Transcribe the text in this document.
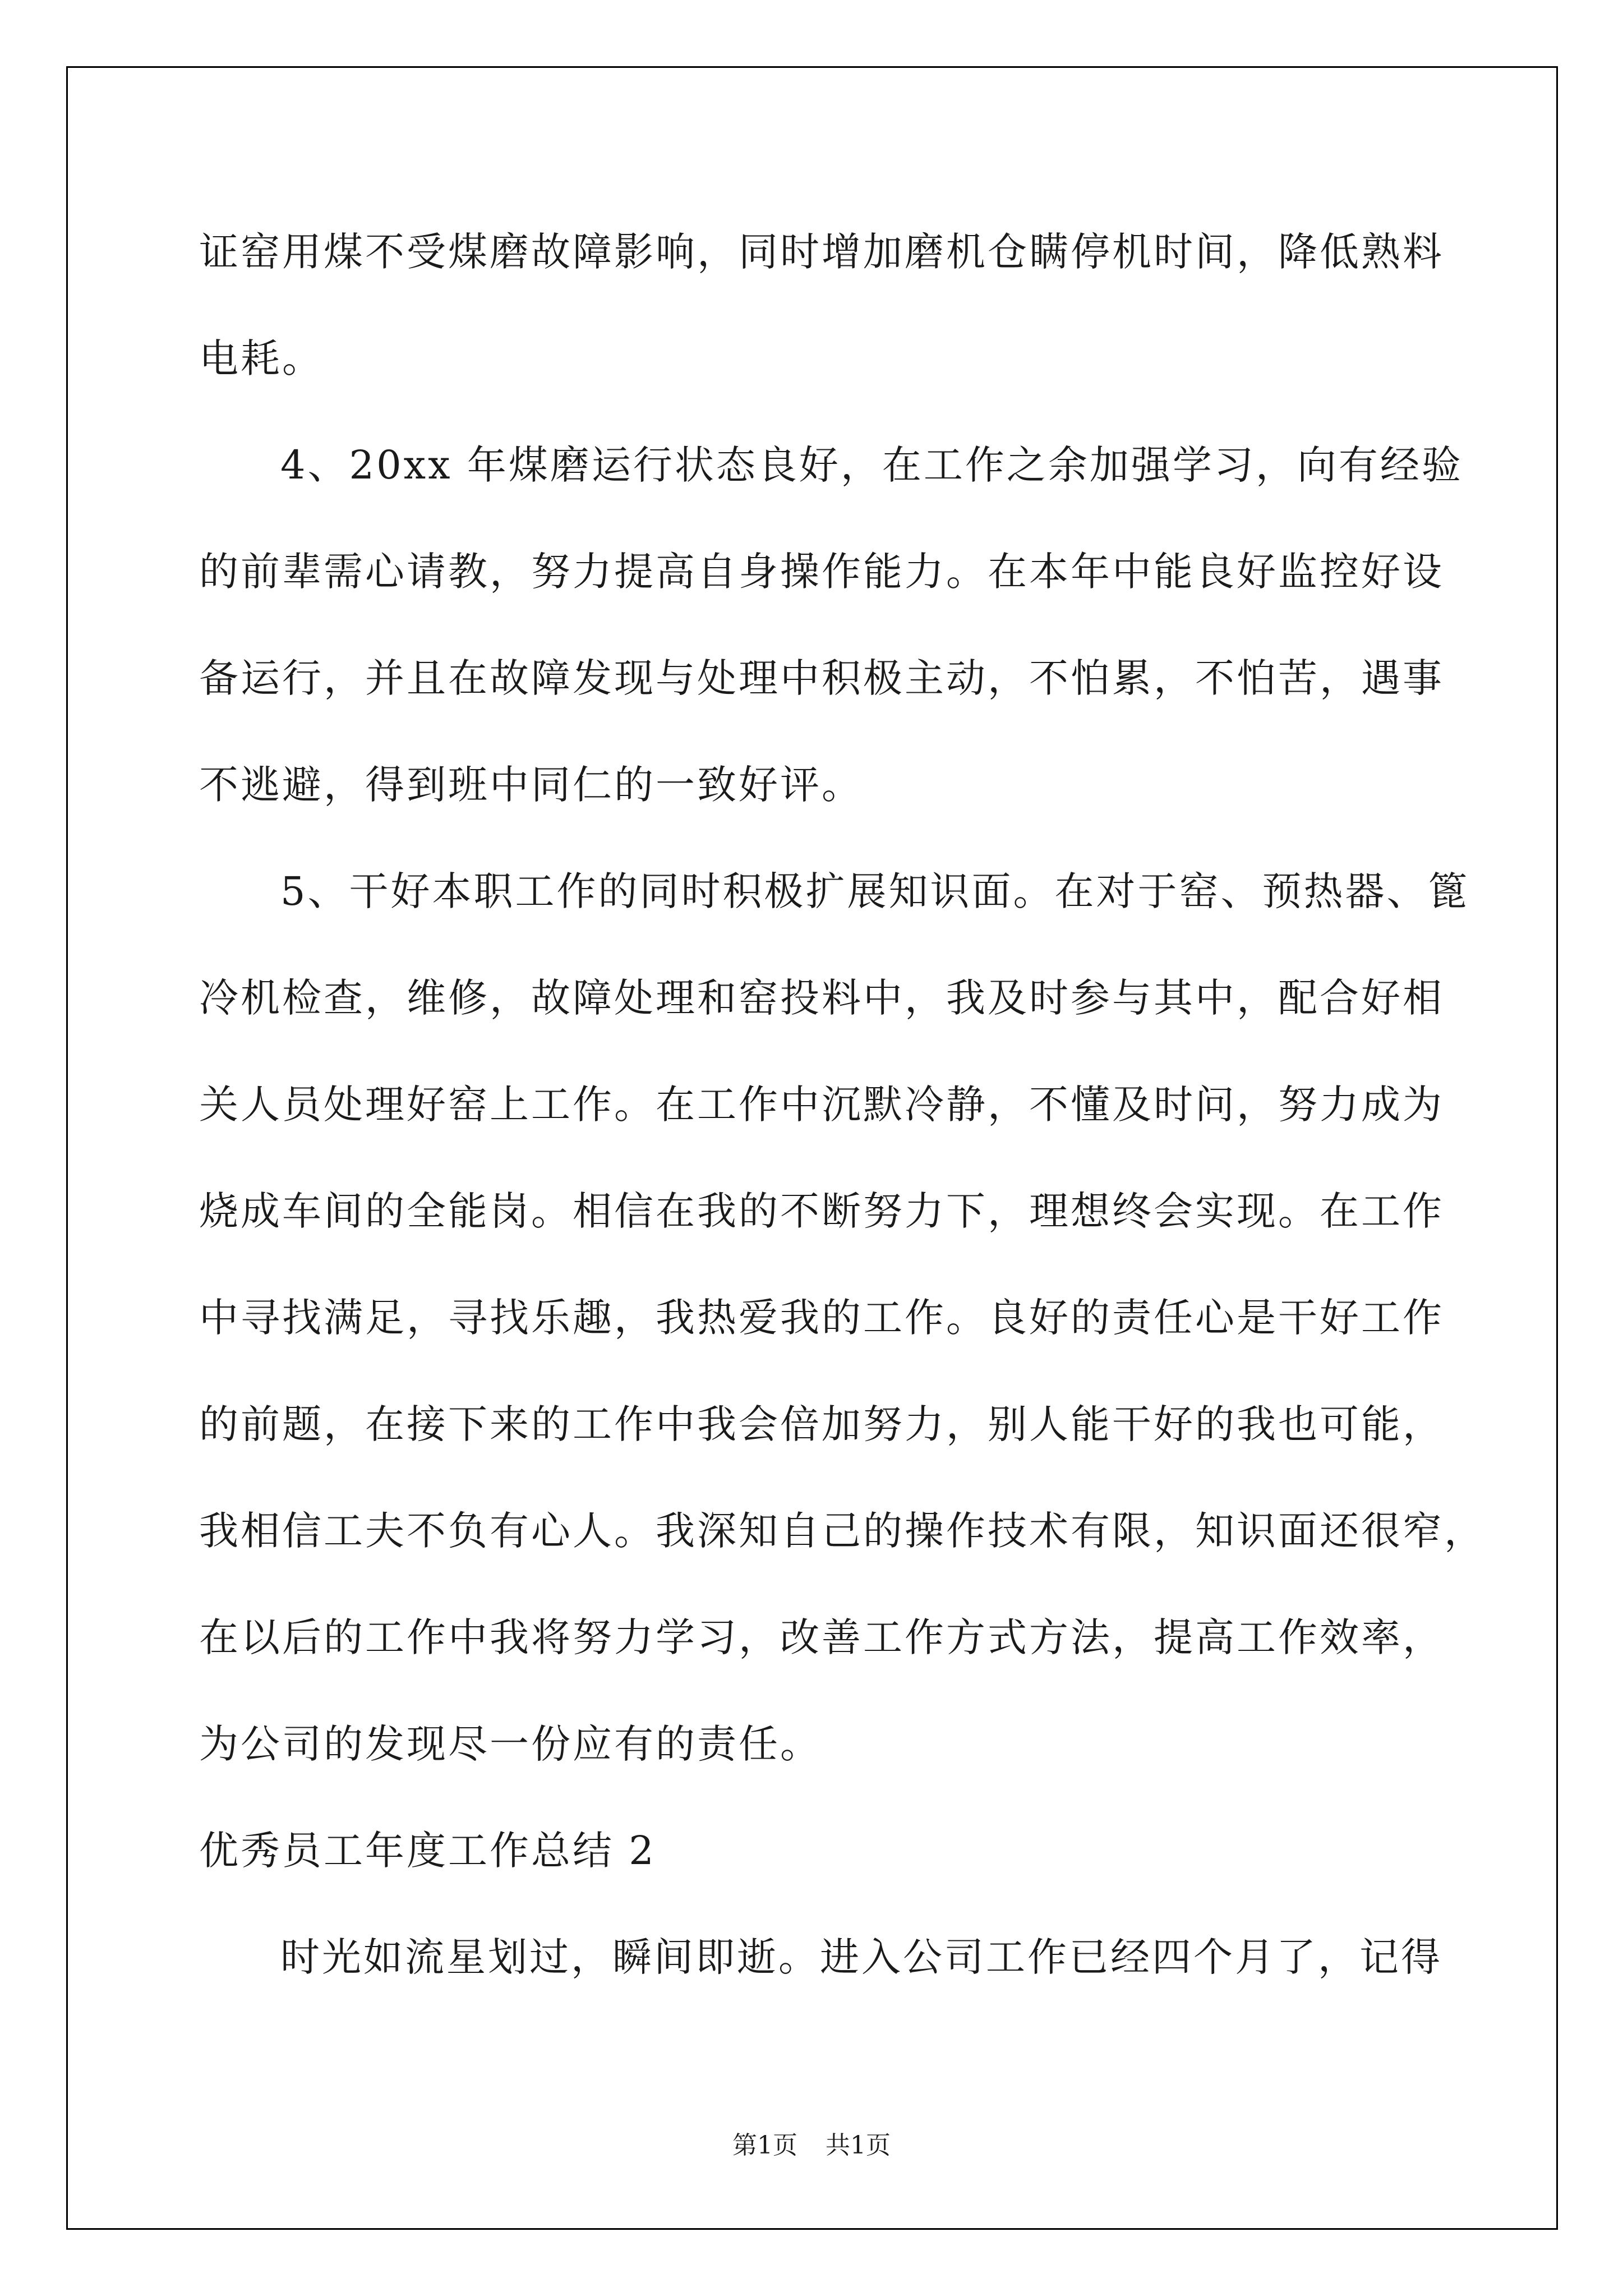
证窑用煤不受煤磨故障影响，同时增加磨机仓瞒停机时间，降低熟料
电耗。
4、20xx 年煤磨运行状态良好，在工作之余加强学习，向有经验
的前辈需心请教，努力提高自身操作能力。在本年中能良好监控好设
备运行，并且在故障发现与处理中积极主动，不怕累，不怕苦，遇事
不逃避，得到班中同仁的一致好评。
5、干好本职工作的同时积极扩展知识面。在对于窑、预热器、篦
冷机检查，维修，故障处理和窑投料中，我及时参与其中，配合好相
关人员处理好窑上工作。在工作中沉默冷静，不懂及时问，努力成为
烧成车间的全能岗。相信在我的不断努力下，理想终会实现。在工作
中寻找满足，寻找乐趣，我热爱我的工作。良好的责任心是干好工作
的前题，在接下来的工作中我会倍加努力，别人能干好的我也可能，
我相信工夫不负有心人。我深知自己的操作技术有限，知识面还很窄，
在以后的工作中我将努力学习，改善工作方式方法，提高工作效率，
为公司的发现尽一份应有的责任。
优秀员工年度工作总结 2
时光如流星划过，瞬间即逝。进入公司工作已经四个月了，记得
第1页 共1页
